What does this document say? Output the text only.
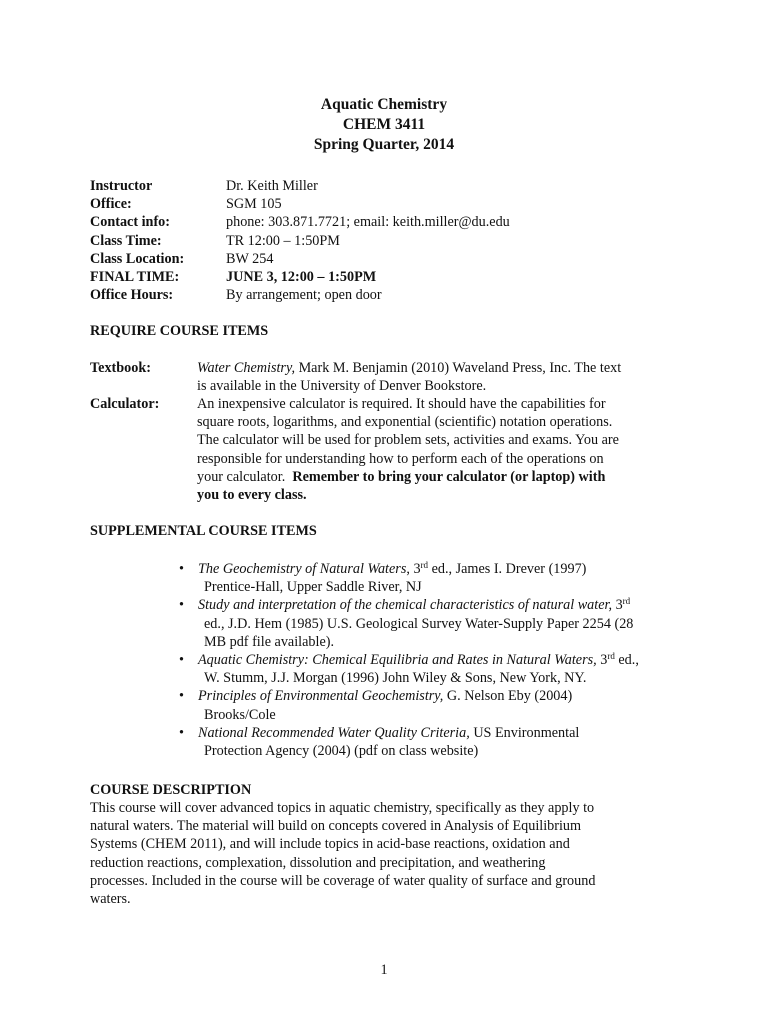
Aquatic Chemistry
CHEM 3411
Spring Quarter, 2014
Instructor	Dr. Keith Miller
Office:	SGM 105
Contact info:	phone: 303.871.7721; email: keith.miller@du.edu
Class Time:	TR 12:00 – 1:50PM
Class Location:	BW 254
FINAL TIME:	JUNE 3, 12:00 – 1:50PM
Office Hours:	By arrangement; open door
REQUIRE COURSE ITEMS
Textbook:	Water Chemistry, Mark M. Benjamin (2010) Waveland Press, Inc. The text
is available in the University of Denver Bookstore.
Calculator:	An inexpensive calculator is required. It should have the capabilities for
square roots, logarithms, and exponential (scientific) notation operations.
The calculator will be used for problem sets, activities and exams. You are
responsible for understanding how to perform each of the operations on
your calculator.  Remember to bring your calculator (or laptop) with
you to every class.
SUPPLEMENTAL COURSE ITEMS
• The Geochemistry of Natural Waters, 3rd ed., James I. Drever (1997)
Prentice-Hall, Upper Saddle River, NJ
• Study and interpretation of the chemical characteristics of natural water, 3rd
ed., J.D. Hem (1985) U.S. Geological Survey Water-Supply Paper 2254 (28
MB pdf file available).
• Aquatic Chemistry: Chemical Equilibria and Rates in Natural Waters, 3rd ed.,
W. Stumm, J.J. Morgan (1996) John Wiley & Sons, New York, NY.
• Principles of Environmental Geochemistry, G. Nelson Eby (2004)
Brooks/Cole
• National Recommended Water Quality Criteria, US Environmental
Protection Agency (2004) (pdf on class website)
COURSE DESCRIPTION
This course will cover advanced topics in aquatic chemistry, specifically as they apply to
natural waters. The material will build on concepts covered in Analysis of Equilibrium
Systems (CHEM 2011), and will include topics in acid-base reactions, oxidation and
reduction reactions, complexation, dissolution and precipitation, and weathering
processes. Included in the course will be coverage of water quality of surface and ground
waters.
1
